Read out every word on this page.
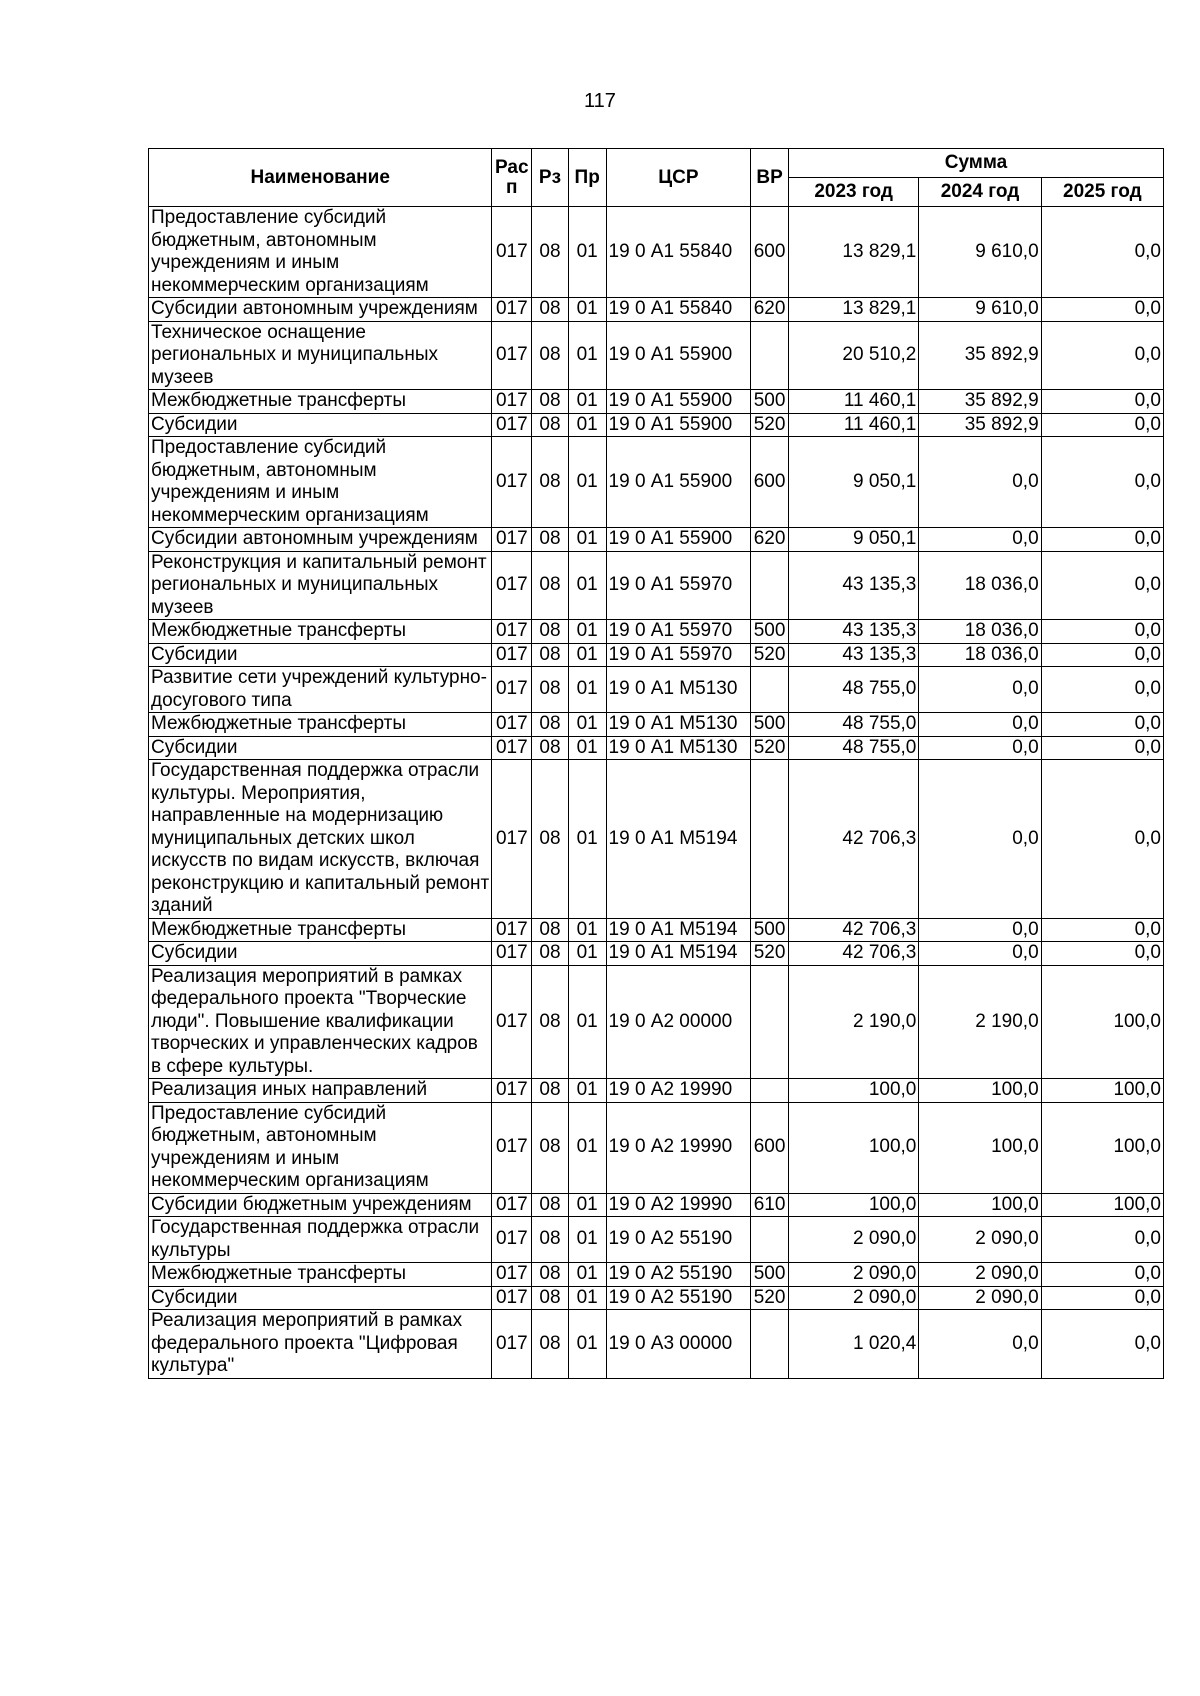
117
Наименование	Рас п	Рз	Пр	ЦСР	ВР	Сумма		
						2023 год	2024 год	2025 год
Предоставление субсидий бюджетным, автономным учреждениям и иным некоммерческим организациям	017	08	01	19 0 А1 55840	600	13 829,1	9 610,0	0,0
Субсидии автономным учреждениям	017	08	01	19 0 А1 55840	620	13 829,1	9 610,0	0,0
Техническое оснащение региональных и муниципальных музеев	017	08	01	19 0 А1 55900		20 510,2	35 892,9	0,0
Межбюджетные трансферты	017	08	01	19 0 А1 55900	500	11 460,1	35 892,9	0,0
Субсидии	017	08	01	19 0 А1 55900	520	11 460,1	35 892,9	0,0
Предоставление субсидий бюджетным, автономным учреждениям и иным некоммерческим организациям	017	08	01	19 0 А1 55900	600	9 050,1	0,0	0,0
Субсидии автономным учреждениям	017	08	01	19 0 А1 55900	620	9 050,1	0,0	0,0
Реконструкция и капитальный ремонт региональных и муниципальных музеев	017	08	01	19 0 А1 55970		43 135,3	18 036,0	0,0
Межбюджетные трансферты	017	08	01	19 0 А1 55970	500	43 135,3	18 036,0	0,0
Субсидии	017	08	01	19 0 А1 55970	520	43 135,3	18 036,0	0,0
Развитие сети учреждений культурно-досугового типа	017	08	01	19 0 А1 М5130		48 755,0	0,0	0,0
Межбюджетные трансферты	017	08	01	19 0 А1 М5130	500	48 755,0	0,0	0,0
Субсидии	017	08	01	19 0 А1 М5130	520	48 755,0	0,0	0,0
Государственная поддержка отрасли культуры. Мероприятия, направленные на модернизацию муниципальных детских школ искусств по видам искусств, включая реконструкцию и капитальный ремонт зданий	017	08	01	19 0 А1 М5194		42 706,3	0,0	0,0
Межбюджетные трансферты	017	08	01	19 0 А1 М5194	500	42 706,3	0,0	0,0
Субсидии	017	08	01	19 0 А1 М5194	520	42 706,3	0,0	0,0
Реализация мероприятий в рамках федерального проекта "Творческие люди". Повышение квалификации творческих и управленческих кадров в сфере культуры.	017	08	01	19 0 А2 00000		2 190,0	2 190,0	100,0
Реализация иных направлений	017	08	01	19 0 А2 19990		100,0	100,0	100,0
Предоставление субсидий бюджетным, автономным учреждениям и иным некоммерческим организациям	017	08	01	19 0 А2 19990	600	100,0	100,0	100,0
Субсидии бюджетным учреждениям	017	08	01	19 0 А2 19990	610	100,0	100,0	100,0
Государственная поддержка отрасли культуры	017	08	01	19 0 А2 55190		2 090,0	2 090,0	0,0
Межбюджетные трансферты	017	08	01	19 0 А2 55190	500	2 090,0	2 090,0	0,0
Субсидии	017	08	01	19 0 А2 55190	520	2 090,0	2 090,0	0,0
Реализация мероприятий в рамках федерального проекта "Цифровая культура"	017	08	01	19 0 А3 00000		1 020,4	0,0	0,0
